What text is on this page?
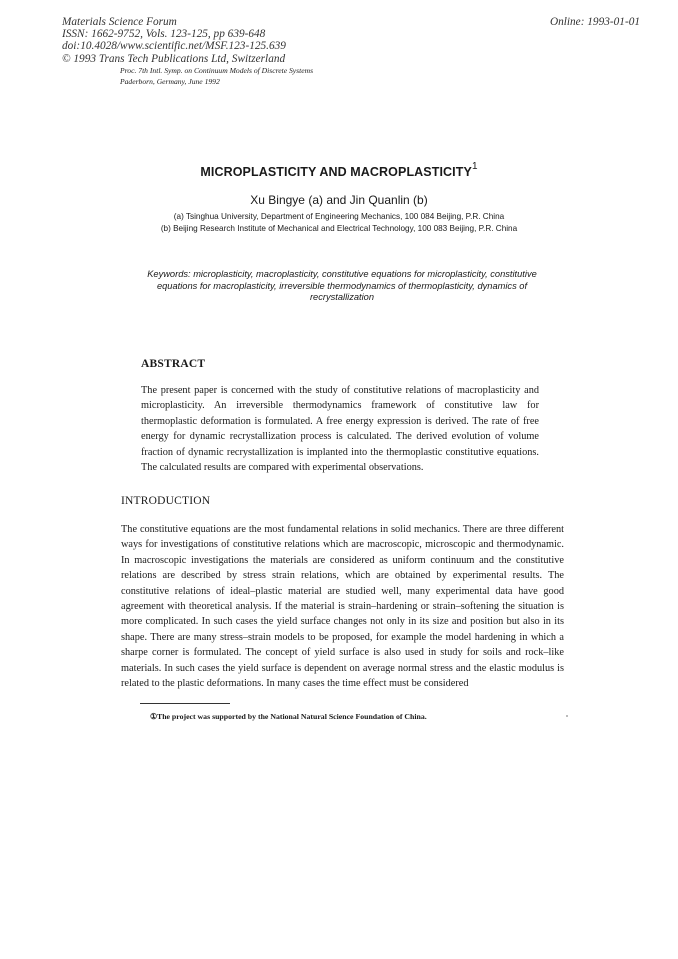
Materials Science Forum
ISSN: 1662-9752, Vols. 123-125, pp 639-648
doi:10.4028/www.scientific.net/MSF.123-125.639
© 1993 Trans Tech Publications Ltd, Switzerland
Online: 1993-01-01
Proc. 7th Intl. Symp. on Continuum Models of Discrete Systems
Paderborn, Germany, June 1992
MICROPLASTICITY AND MACROPLASTICITY$^1$
Xu Bingye (a) and Jin Quanlin (b)
(a) Tsinghua University, Department of Engineering Mechanics, 100 084 Beijing, P.R. China
(b) Beijing Research Institute of Mechanical and Electrical Technology, 100 083 Beijing, P.R. China
Keywords: microplasticity, macroplasticity, constitutive equations for microplasticity, constitutive equations for macroplasticity, irreversible thermodynamics of thermoplasticity, dynamics of recrystallization
ABSTRACT
The present paper is concerned with the study of constitutive relations of macroplasticity and microplasticity. An irreversible thermodynamics framework of constitutive law for thermoplastic deformation is formulated. A free energy expression is derived. The rate of free energy for dynamic recrystallization process is calculated. The derived evolution of volume fraction of dynamic recrystallization is implanted into the thermoplastic constitutive equations. The calculated results are compared with experimental observations.
INTRODUCTION
The constitutive equations are the most fundamental relations in solid mechanics. There are three different ways for investigations of constitutive relations which are macroscopic, microscopic and thermodynamic. In macroscopic investigations the materials are considered as uniform continuum and the constitutive relations are described by stress strain relations, which are obtained by experimental results. The constitutive relations of ideal–plastic material are studied well, many experimental data have good agreement with theoretical analysis. If the material is strain–hardening or strain–softening the situation is more complicated. In such cases the yield surface changes not only in its size and position but also in its shape. There are many stress–strain models to be proposed, for example the model hardening in which a sharpe corner is formulated. The concept of yield surface is also used in study for soils and rock–like materials. In such cases the yield surface is dependent on average normal stress and the elastic modulus is related to the plastic deformations. In many cases the time effect must be considered
①The project was supported by the National Natural Science Foundation of China.
